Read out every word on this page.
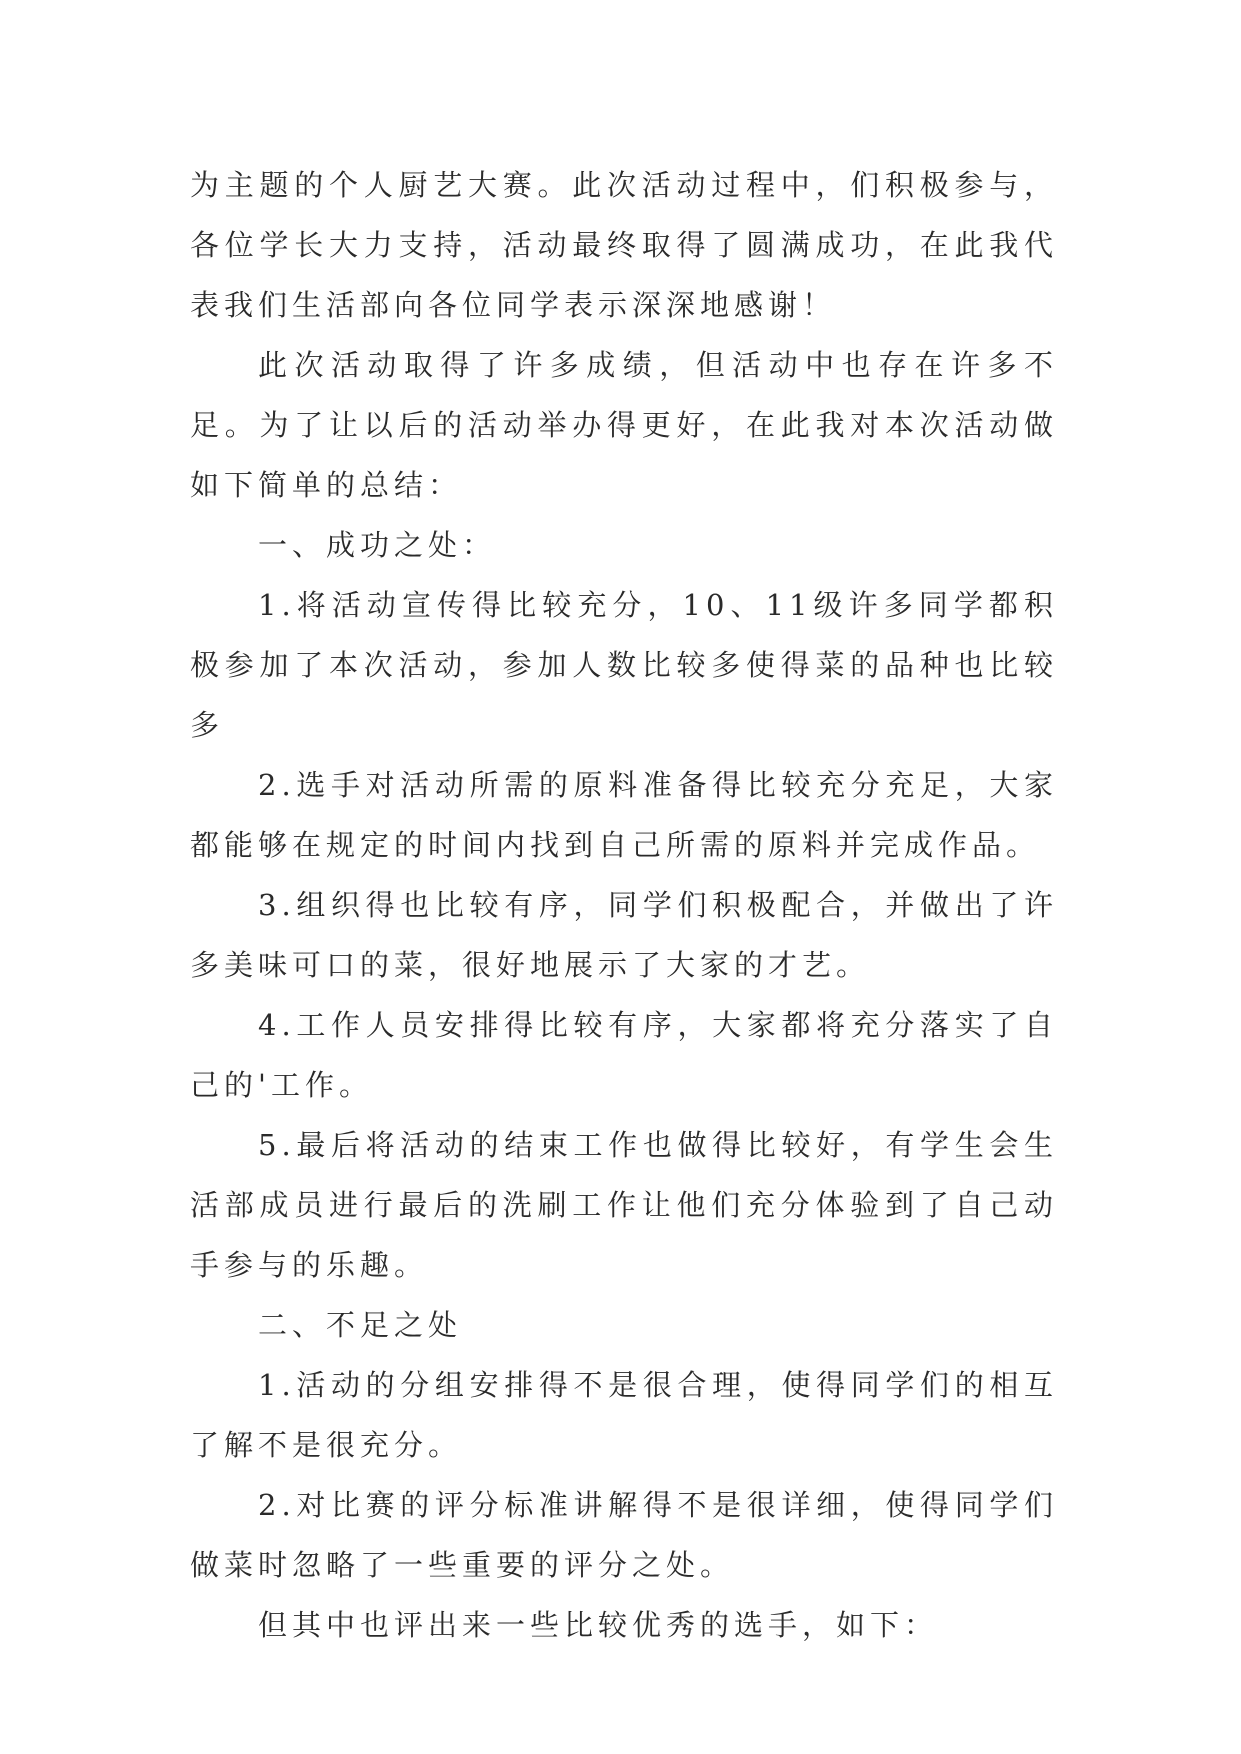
为主题的个人厨艺大赛。此次活动过程中，们积极参与，各位学长大力支持，活动最终取得了圆满成功，在此我代表我们生活部向各位同学表示深深地感谢！

此次活动取得了许多成绩，但活动中也存在许多不足。为了让以后的活动举办得更好，在此我对本次活动做如下简单的总结：

一、成功之处：

1.将活动宣传得比较充分，10、11级许多同学都积极参加了本次活动，参加人数比较多使得菜的品种也比较多

2.选手对活动所需的原料准备得比较充分充足，大家都能够在规定的时间内找到自己所需的原料并完成作品。

3.组织得也比较有序，同学们积极配合，并做出了许多美味可口的菜，很好地展示了大家的才艺。

4.工作人员安排得比较有序，大家都将充分落实了自己的'工作。

5.最后将活动的结束工作也做得比较好，有学生会生活部成员进行最后的洗刷工作让他们充分体验到了自己动手参与的乐趣。

二、不足之处

1.活动的分组安排得不是很合理，使得同学们的相互了解不是很充分。

2.对比赛的评分标准讲解得不是很详细，使得同学们做菜时忽略了一些重要的评分之处。

但其中也评出来一些比较优秀的选手，如下：
